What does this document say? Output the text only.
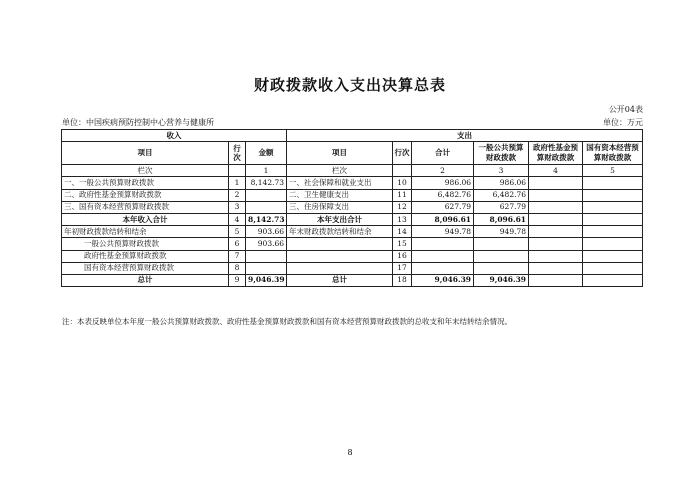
财政拨款收入支出决算总表
公开04表
单位：中国疾病预防控制中心营养与健康所	单位：万元
收入			支出					
项目	行次	金额	项目	行次	合计	一般公共预算财政拨款	政府性基金预算财政拨款	国有资本经营预算财政拨款
栏次		1	栏次		2	3	4	5
一、一般公共预算财政拨款	1	8,142.73	一、社会保障和就业支出	10	986.06	986.06		
二、政府性基金预算财政拨款	2		二、卫生健康支出	11	6,482.76	6,482.76		
三、国有资本经营预算财政拨款	3		三、住房保障支出	12	627.79	627.79		
本年收入合计	4	8,142.73	本年支出合计	13	8,096.61	8,096.61		
年初财政拨款结转和结余	5	903.66	年末财政拨款结转和结余	14	949.78	949.78		
一般公共预算财政拨款	6	903.66		15				
政府性基金预算财政拨款	7			16				
国有资本经营预算财政拨款	8			17				
总计	9	9,046.39	总计	18	9,046.39	9,046.39		
注：本表反映单位本年度一般公共预算财政拨款、政府性基金预算财政拨款和国有资本经营预算财政拨款的总收支和年末结转结余情况。
8
